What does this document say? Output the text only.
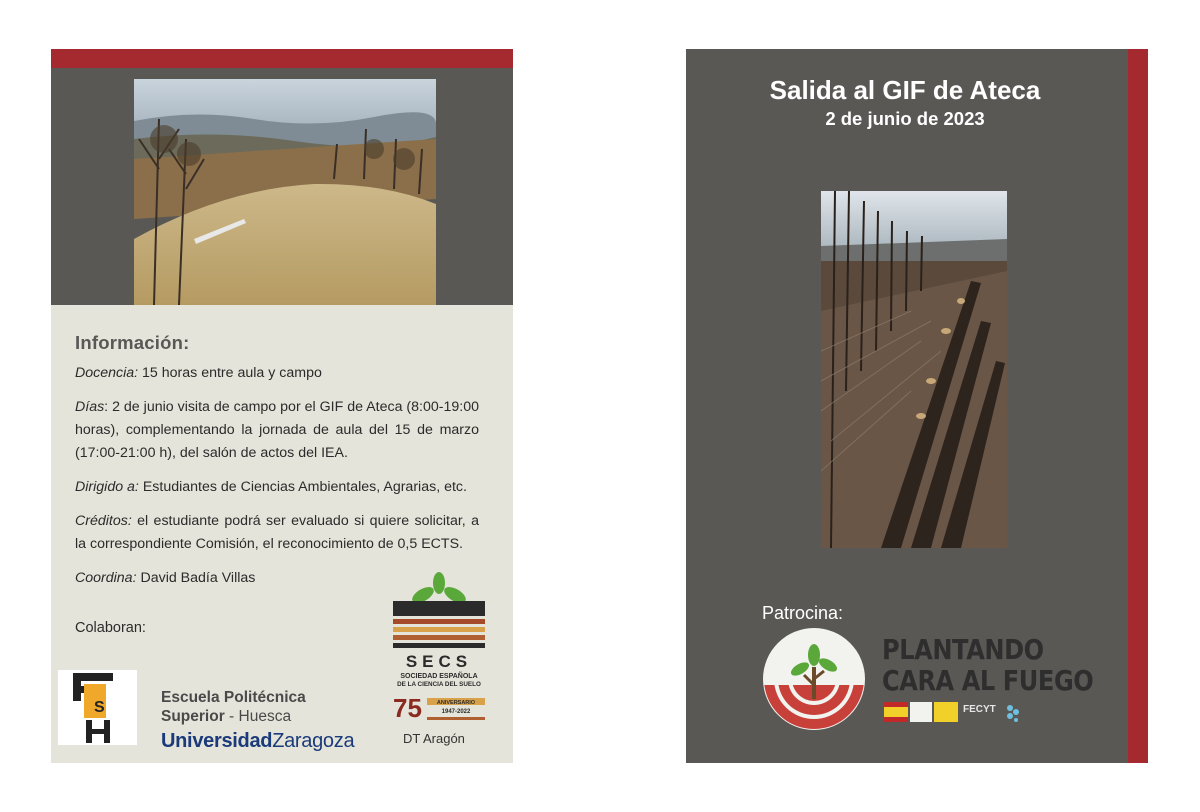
Información:

Docencia: 15 horas entre aula y campo

Días: 2 de junio visita de campo por el GIF de Ateca (8:00-19:00 horas), complementando la jornada de aula del 15 de marzo (17:00-21:00 h), del salón de actos del IEA.

Dirigido a: Estudiantes de Ciencias Ambientales, Agrarias, etc.

Créditos: el estudiante podrá ser evaluado si quiere solicitar, a la correspondiente Comisión, el reconocimiento de 0,5 ECTS.

Coordina: David Badía Villas

Colaboran:
S
Escuela Politécnica
Superior - Huesca
UniversidadZaragoza
SECS
SOCIEDAD ESPAÑOLA
DE LA CIENCIA DEL SUELO
75	ANIVERSARIO
1947-2022
DT Aragón
Salida al GIF de Ateca
2 de junio de 2023
Patrocina:
PLANTANDO
CARA AL FUEGO
FECYT
